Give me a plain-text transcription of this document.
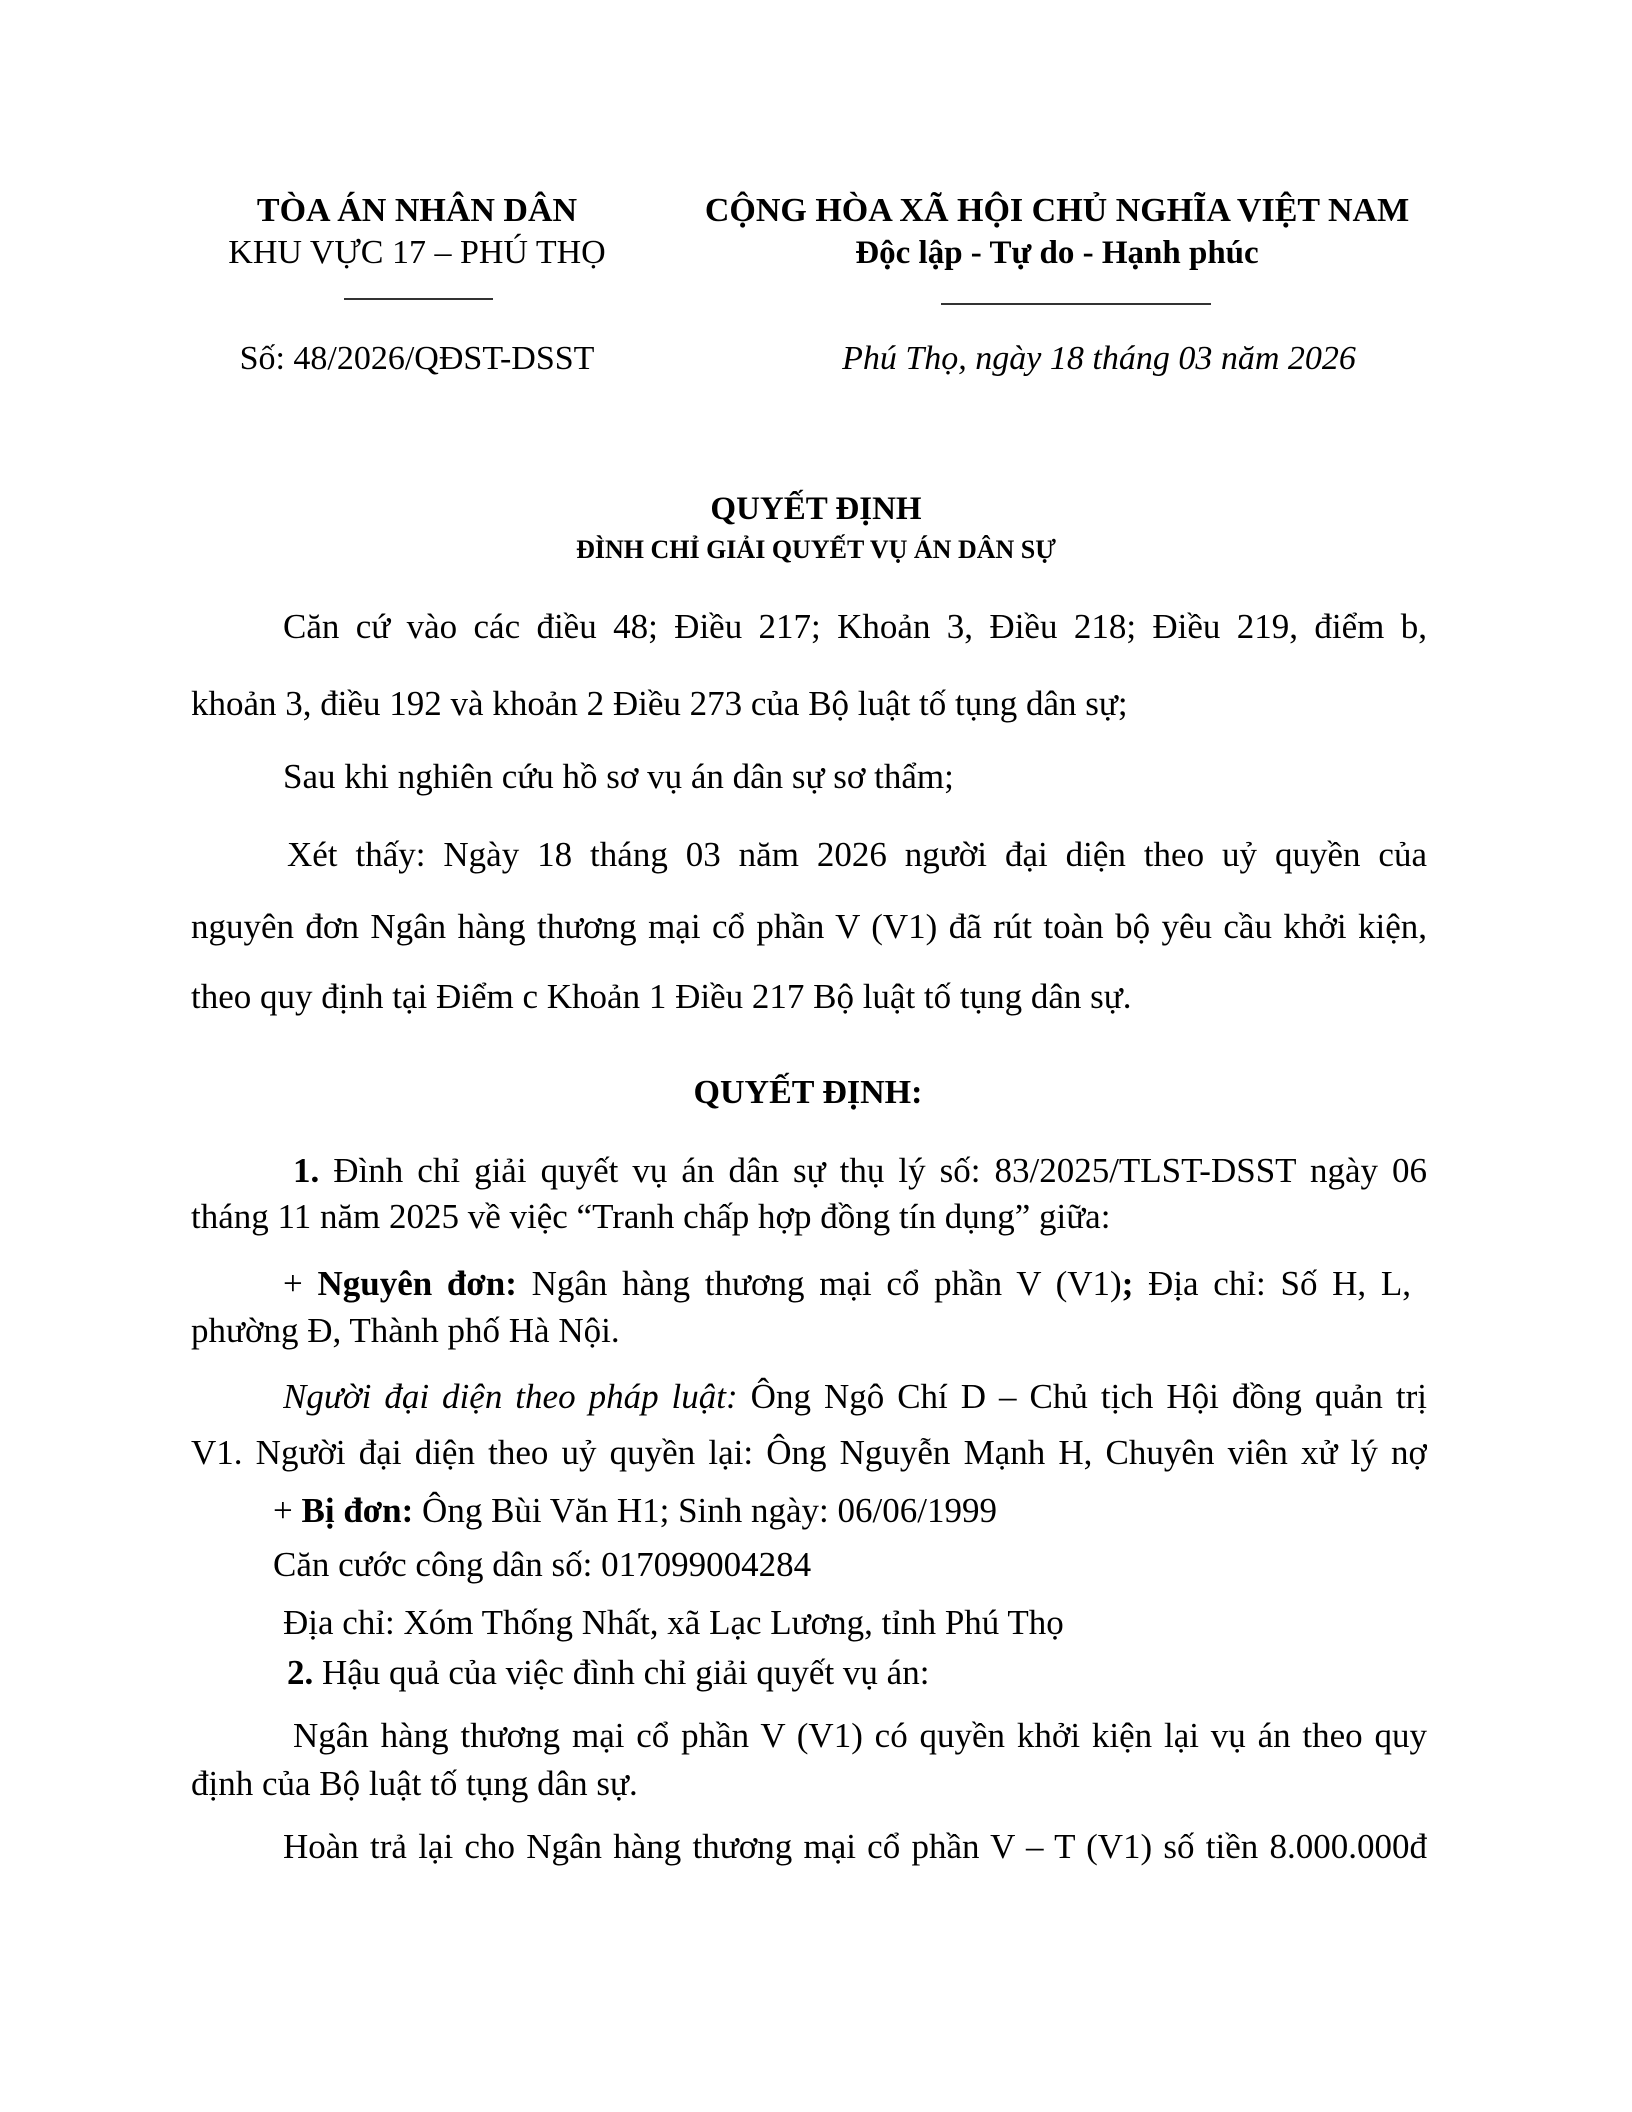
TÒA ÁN NHÂN DÂN
KHU VỰC 17 – PHÚ THỌ
CỘNG HÒA XÃ HỘI CHỦ NGHĨA VIỆT NAM
Độc lập - Tự do - Hạnh phúc
Số: 48/2026/QĐST-DSST	Phú Thọ, ngày 18 tháng 03 năm 2026
QUYẾT ĐỊNH
ĐÌNH CHỈ GIẢI QUYẾT VỤ ÁN DÂN SỰ
Căn cứ vào các điều 48; Điều 217; Khoản 3, Điều 218; Điều 219, điểm b,
khoản 3, điều 192 và khoản 2 Điều 273 của Bộ luật tố tụng dân sự;
Sau khi nghiên cứu hồ sơ vụ án dân sự sơ thẩm;
Xét thấy: Ngày 18 tháng 03 năm 2026 người đại diện theo uỷ quyền của
nguyên đơn Ngân hàng thương mại cổ phần V (V1) đã rút toàn bộ yêu cầu khởi kiện,
theo quy định tại Điểm c Khoản 1 Điều 217 Bộ luật tố tụng dân sự.
QUYẾT ĐỊNH:
1. Đình chỉ giải quyết vụ án dân sự thụ lý số: 83/2025/TLST-DSST ngày 06
tháng 11 năm 2025 về việc “Tranh chấp hợp đồng tín dụng” giữa:
+ Nguyên đơn: Ngân hàng thương mại cổ phần V (V1); Địa chỉ: Số H, L,
phường Đ, Thành phố Hà Nội.
Người đại diện theo pháp luật: Ông Ngô Chí D – Chủ tịch Hội đồng quản trị
V1. Người đại diện theo uỷ quyền lại: Ông Nguyễn Mạnh H, Chuyên viên xử lý nợ
+ Bị đơn: Ông Bùi Văn H1; Sinh ngày: 06/06/1999
Căn cước công dân số: 017099004284
Địa chỉ: Xóm Thống Nhất, xã Lạc Lương, tỉnh Phú Thọ
2. Hậu quả của việc đình chỉ giải quyết vụ án:
Ngân hàng thương mại cổ phần V (V1) có quyền khởi kiện lại vụ án theo quy
định của Bộ luật tố tụng dân sự.
Hoàn trả lại cho Ngân hàng thương mại cổ phần V – T (V1) số tiền 8.000.000đ
